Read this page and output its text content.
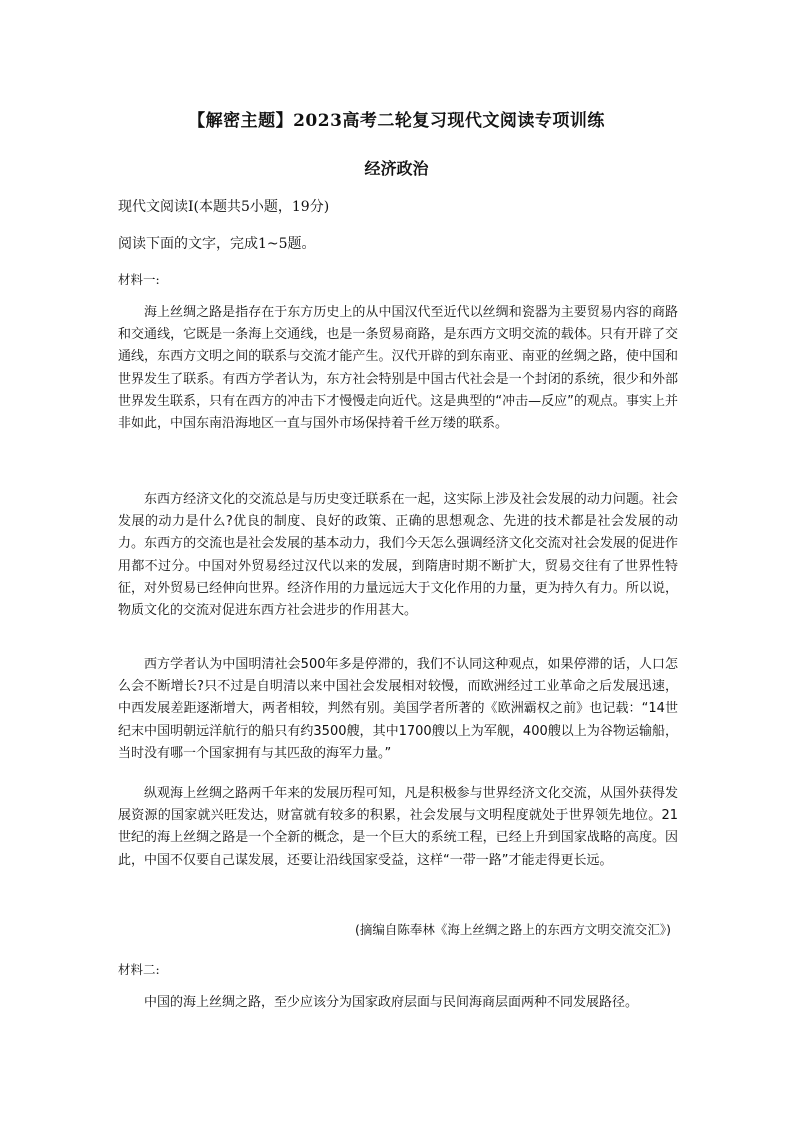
【解密主题】2023高考二轮复习现代文阅读专项训练
经济政治
现代文阅读Ⅰ(本题共5小题，19分)
阅读下面的文字，完成1~5题。
材料一:

海上丝绸之路是指存在于东方历史上的从中国汉代至近代以丝绸和瓷器为主要贸易内容的商路和交通线，它既是一条海上交通线，也是一条贸易商路，是东西方文明交流的载体。只有开辟了交通线，东西方文明之间的联系与交流才能产生。汉代开辟的到东南亚、南亚的丝绸之路，使中国和世界发生了联系。有西方学者认为，东方社会特别是中国古代社会是一个封闭的系统，很少和外部世界发生联系，只有在西方的冲击下才慢慢走向近代。这是典型的“冲击—反应”的观点。事实上并非如此，中国东南沿海地区一直与国外市场保持着千丝万缕的联系。

东西方经济文化的交流总是与历史变迁联系在一起，这实际上涉及社会发展的动力问题。社会发展的动力是什么?优良的制度、良好的政策、正确的思想观念、先进的技术都是社会发展的动力。东西方的交流也是社会发展的基本动力，我们今天怎么强调经济文化交流对社会发展的促进作用都不过分。中国对外贸易经过汉代以来的发展，到隋唐时期不断扩大，贸易交往有了世界性特征，对外贸易已经伸向世界。经济作用的力量远远大于文化作用的力量，更为持久有力。所以说，物质文化的交流对促进东西方社会进步的作用甚大。

西方学者认为中国明清社会500年多是停滞的，我们不认同这种观点，如果停滞的话，人口怎么会不断增长?只不过是自明清以来中国社会发展相对较慢，而欧洲经过工业革命之后发展迅速，中西发展差距逐渐增大，两者相较，判然有别。美国学者所著的《欧洲霸权之前》也记载：“14世纪末中国明朝远洋航行的船只有约3500艘，其中1700艘以上为军舰，400艘以上为谷物运输船，当时没有哪一个国家拥有与其匹敌的海军力量。”

纵观海上丝绸之路两千年来的发展历程可知，凡是积极参与世界经济文化交流，从国外获得发展资源的国家就兴旺发达，财富就有较多的积累，社会发展与文明程度就处于世界领先地位。21世纪的海上丝绸之路是一个全新的概念，是一个巨大的系统工程，已经上升到国家战略的高度。因此，中国不仅要自己谋发展，还要让沿线国家受益，这样“一带一路”才能走得更长远。

(摘编自陈奉林《海上丝绸之路上的东西方文明交流交汇》)
材料二:

中国的海上丝绸之路，至少应该分为国家政府层面与民间海商层面两种不同发展路径。
